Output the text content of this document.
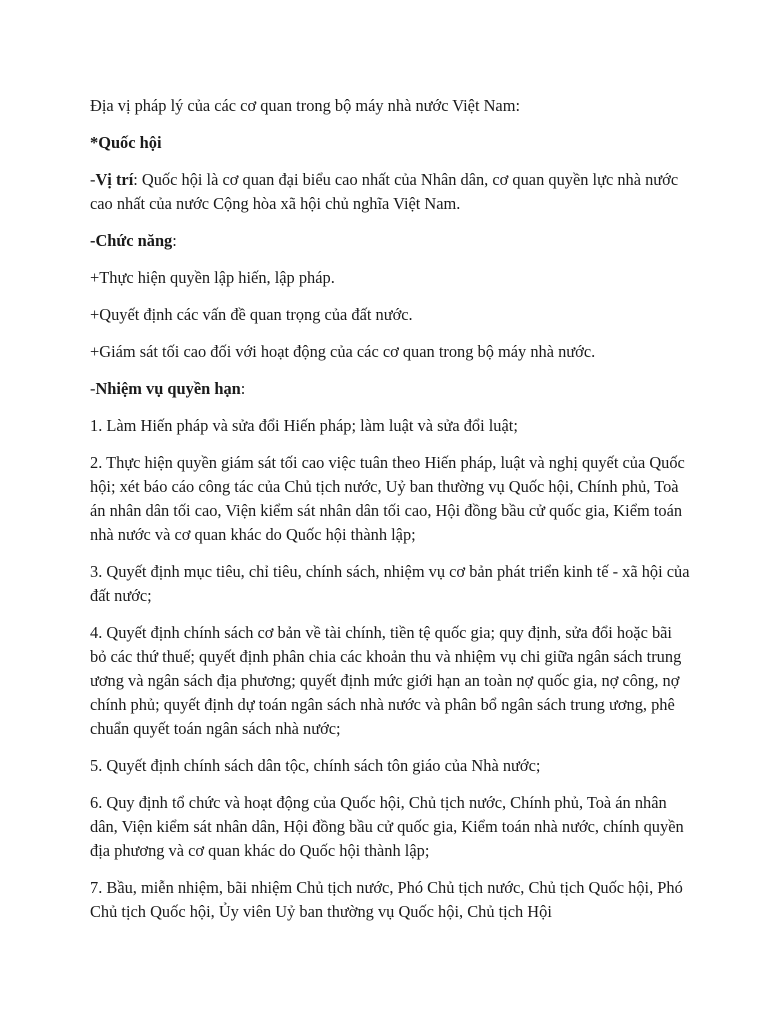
Địa vị pháp lý của các cơ quan trong bộ máy nhà nước Việt Nam:

*Quốc hội

-Vị trí: Quốc hội là cơ quan đại biểu cao nhất của Nhân dân, cơ quan quyền lực nhà nước cao nhất của nước Cộng hòa xã hội chủ nghĩa Việt Nam.

-Chức năng:

+Thực hiện quyền lập hiến, lập pháp.

+Quyết định các vấn đề quan trọng của đất nước.

+Giám sát tối cao đối với hoạt động của các cơ quan trong bộ máy nhà nước.

-Nhiệm vụ quyền hạn:

1. Làm Hiến pháp và sửa đổi Hiến pháp; làm luật và sửa đổi luật;

2. Thực hiện quyền giám sát tối cao việc tuân theo Hiến pháp, luật và nghị quyết của Quốc hội; xét báo cáo công tác của Chủ tịch nước, Uỷ ban thường vụ Quốc hội, Chính phủ, Toà án nhân dân tối cao, Viện kiểm sát nhân dân tối cao, Hội đồng bầu cử quốc gia, Kiểm toán nhà nước và cơ quan khác do Quốc hội thành lập;

3. Quyết định mục tiêu, chỉ tiêu, chính sách, nhiệm vụ cơ bản phát triển kinh tế - xã hội của đất nước;

4. Quyết định chính sách cơ bản về tài chính, tiền tệ quốc gia; quy định, sửa đổi hoặc bãi bỏ các thứ thuế; quyết định phân chia các khoản thu và nhiệm vụ chi giữa ngân sách trung ương và ngân sách địa phương; quyết định mức giới hạn an toàn nợ quốc gia, nợ công, nợ chính phủ; quyết định dự toán ngân sách nhà nước và phân bổ ngân sách trung ương, phê chuẩn quyết toán ngân sách nhà nước;

5. Quyết định chính sách dân tộc, chính sách tôn giáo của Nhà nước;

6. Quy định tổ chức và hoạt động của Quốc hội, Chủ tịch nước, Chính phủ, Toà án nhân dân, Viện kiểm sát nhân dân, Hội đồng bầu cử quốc gia, Kiểm toán nhà nước, chính quyền địa phương và cơ quan khác do Quốc hội thành lập;

7. Bầu, miễn nhiệm, bãi nhiệm Chủ tịch nước, Phó Chủ tịch nước, Chủ tịch Quốc hội, Phó Chủ tịch Quốc hội, Ủy viên Uỷ ban thường vụ Quốc hội, Chủ tịch Hội
